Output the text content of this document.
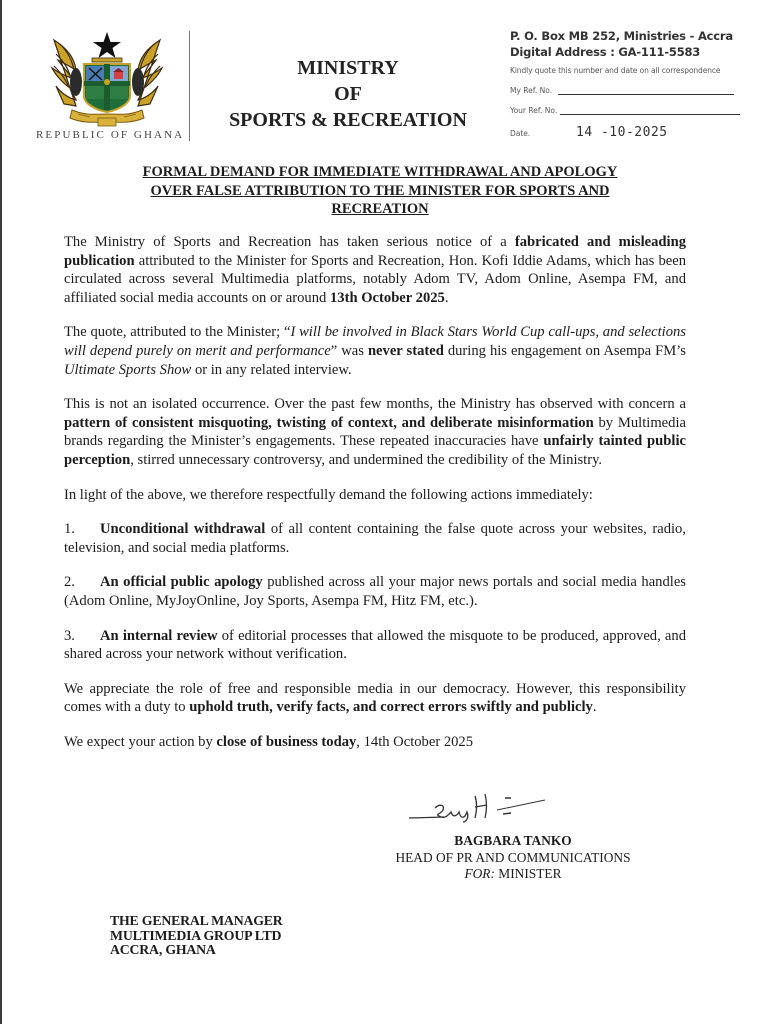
REPUBLIC OF GHANA
MINISTRY
OF
SPORTS & RECREATION
P. O. Box MB 252, Ministries - Accra
Digital Address : GA-111-5583
Kindly quote this number and date on all correspondence
My Ref. No.
Your Ref. No.
Date.	14 -10-2025
FORMAL DEMAND FOR IMMEDIATE WITHDRAWAL AND APOLOGY
OVER FALSE ATTRIBUTION TO THE MINISTER FOR SPORTS AND
RECREATION

The Ministry of Sports and Recreation has taken serious notice of a fabricated and misleading publication attributed to the Minister for Sports and Recreation, Hon. Kofi Iddie Adams, which has been circulated across several Multimedia platforms, notably Adom TV, Adom Online, Asempa FM, and affiliated social media accounts on or around 13th October 2025.

The quote, attributed to the Minister; “I will be involved in Black Stars World Cup call-ups, and selections will depend purely on merit and performance” was never stated during his engagement on Asempa FM’s Ultimate Sports Show or in any related interview.

This is not an isolated occurrence. Over the past few months, the Ministry has observed with concern a pattern of consistent misquoting, twisting of context, and deliberate misinformation by Multimedia brands regarding the Minister’s engagements. These repeated inaccuracies have unfairly tainted public perception, stirred unnecessary controversy, and undermined the credibility of the Ministry.

In light of the above, we therefore respectfully demand the following actions immediately:

1. Unconditional withdrawal of all content containing the false quote across your websites, radio, television, and social media platforms.
2. An official public apology published across all your major news portals and social media handles (Adom Online, MyJoyOnline, Joy Sports, Asempa FM, Hitz FM, etc.).
3. An internal review of editorial processes that allowed the misquote to be produced, approved, and shared across your network without verification.

We appreciate the role of free and responsible media in our democracy. However, this responsibility comes with a duty to uphold truth, verify facts, and correct errors swiftly and publicly.

We expect your action by close of business today, 14th October 2025

BAGBARA TANKO
HEAD OF PR AND COMMUNICATIONS
FOR: MINISTER
THE GENERAL MANAGER
MULTIMEDIA GROUP LTD
ACCRA, GHANA
